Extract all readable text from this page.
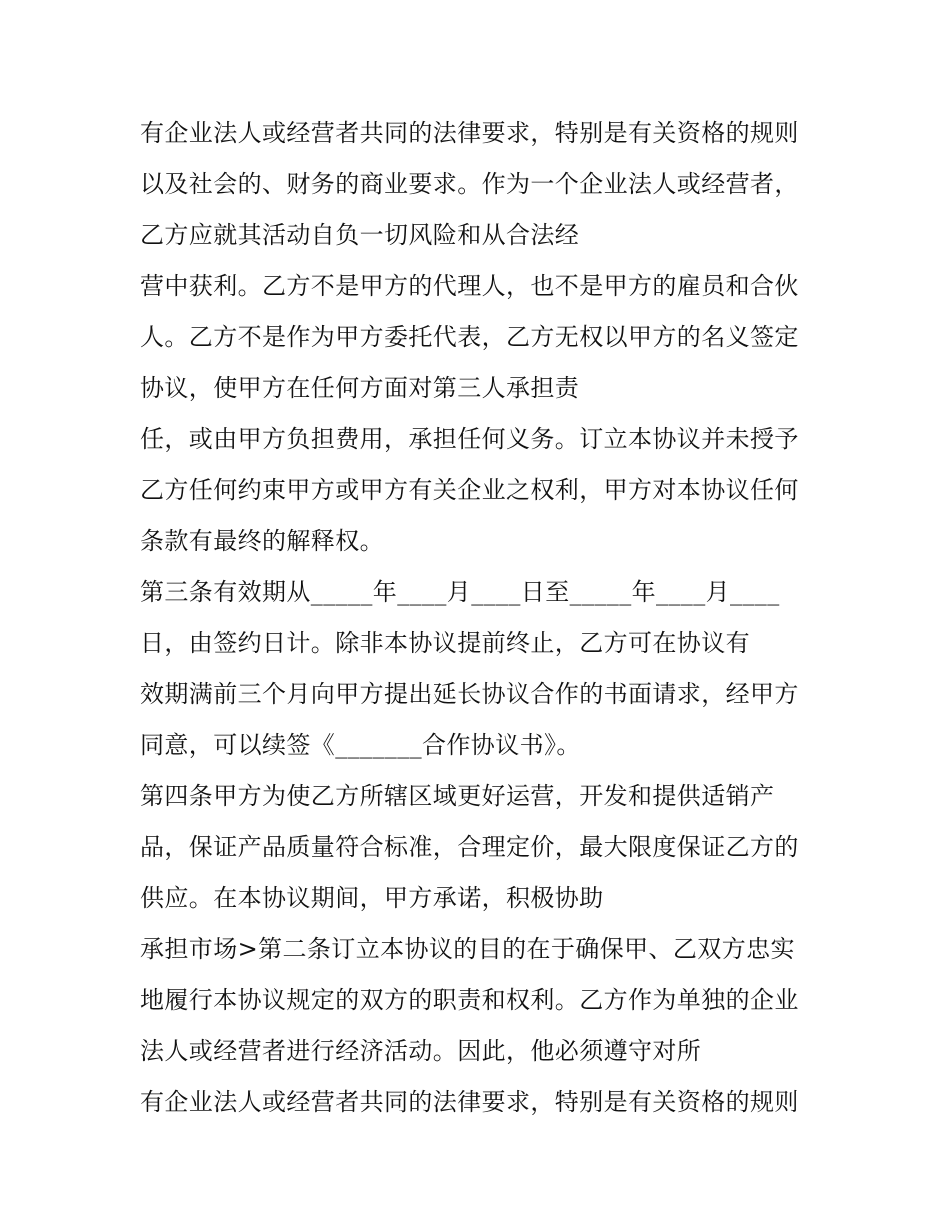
有企业法人或经营者共同的法律要求，特别是有关资格的规则
以及社会的、财务的商业要求。作为一个企业法人或经营者，
乙方应就其活动自负一切风险和从合法经
营中获利。乙方不是甲方的代理人，也不是甲方的雇员和合伙
人。乙方不是作为甲方委托代表，乙方无权以甲方的名义签定
协议，使甲方在任何方面对第三人承担责
任，或由甲方负担费用，承担任何义务。订立本协议并未授予
乙方任何约束甲方或甲方有关企业之权利，甲方对本协议任何
条款有最终的解释权。
第三条有效期从_____年____月____日至_____年____月____
日，由签约日计。除非本协议提前终止，乙方可在协议有
效期满前三个月向甲方提出延长协议合作的书面请求，经甲方
同意，可以续签《_______合作协议书》。
第四条甲方为使乙方所辖区域更好运营，开发和提供适销产
品，保证产品质量符合标准，合理定价，最大限度保证乙方的
供应。在本协议期间，甲方承诺，积极协助
承担市场>第二条订立本协议的目的在于确保甲、乙双方忠实
地履行本协议规定的双方的职责和权利。乙方作为单独的企业
法人或经营者进行经济活动。因此，他必须遵守对所
有企业法人或经营者共同的法律要求，特别是有关资格的规则
